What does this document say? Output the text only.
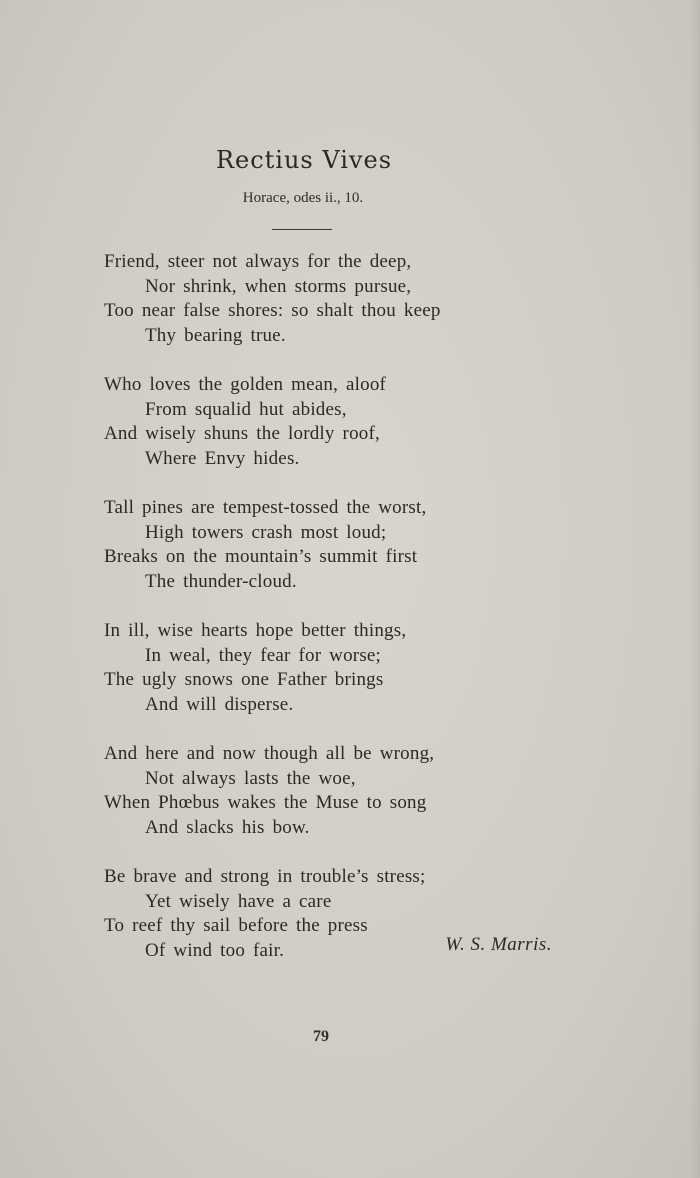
Rectius Vives
Horace, odes ii., 10.
Friend, steer not always for the deep,
Nor shrink, when storms pursue,
Too near false shores: so shalt thou keep
Thy bearing true.
Who loves the golden mean, aloof
From squalid hut abides,
And wisely shuns the lordly roof,
Where Envy hides.
Tall pines are tempest-tossed the worst,
High towers crash most loud;
Breaks on the mountain’s summit first
The thunder-cloud.
In ill, wise hearts hope better things,
In weal, they fear for worse;
The ugly snows one Father brings
And will disperse.
And here and now though all be wrong,
Not always lasts the woe,
When Phœbus wakes the Muse to song
And slacks his bow.
Be brave and strong in trouble’s stress;
Yet wisely have a care
To reef thy sail before the press
Of wind too fair.	W. S. Marris.
79
